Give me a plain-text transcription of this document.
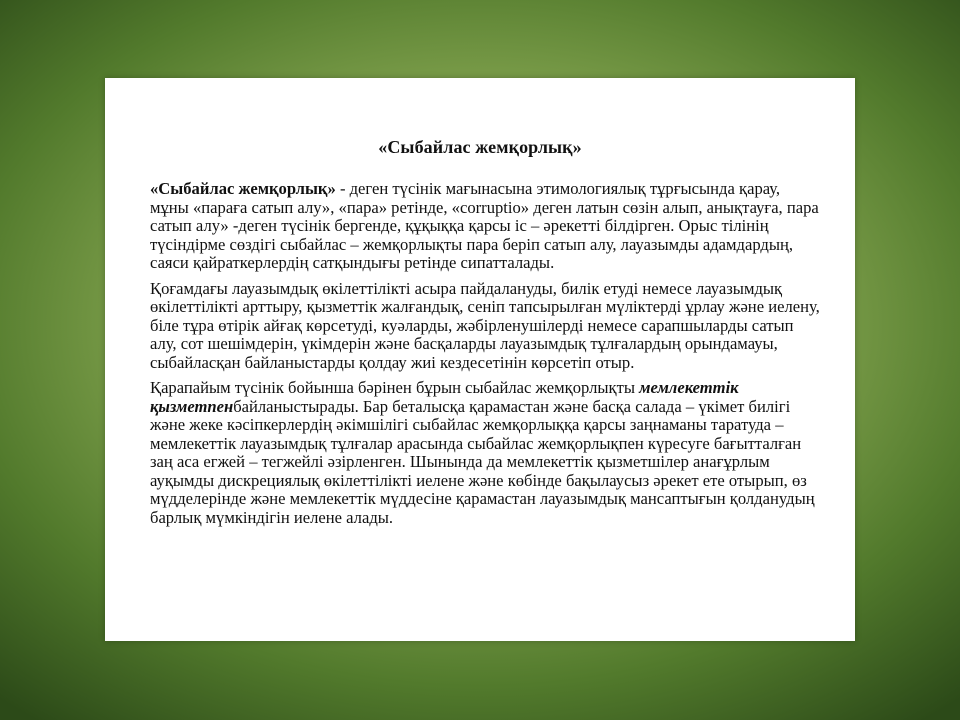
«Сыбайлас жемқорлық»

«Сыбайлас жемқорлық» - деген түсінік мағынасына этимологиялық тұрғысында қарау, мұны «параға сатып алу», «пара» ретінде, «corruptio» деген латын сөзін алып, анықтауға, пара сатып алу» -деген түсінік бергенде, құқыққа қарсы іс – әрекетті білдірген. Орыс тілінің түсіндірме сөздігі сыбайлас – жемқорлықты пара беріп сатып алу, лауазымды адамдардың, саяси қайраткерлердің сатқындығы ретінде сипатталады.

Қоғамдағы лауазымдық өкілеттілікті асыра пайдалануды, билік етуді немесе лауазымдық өкілеттілікті арттыру, қызметтік жалғандық, сеніп тапсырылған мүліктерді ұрлау және иелену, біле тұра өтірік айғақ көрсетуді, куәларды, жәбірленушілерді немесе сарапшыларды сатып алу, сот шешімдерін, үкімдерін және басқаларды лауазымдық тұлғалардың орындамауы, сыбайласқан байланыстарды қолдау жиі кездесетінін көрсетіп отыр.

Қарапайым түсінік бойынша бәрінен бұрын сыбайлас жемқорлықты мемлекеттік қызметпенбайланыстырады. Бар беталысқа қарамастан және басқа салада – үкімет билігі және жеке кәсіпкерлердің әкімшілігі сыбайлас жемқорлыққа қарсы заңнаманы таратуда – мемлекеттік лауазымдық тұлғалар арасында сыбайлас жемқорлықпен күресуге бағытталған заң аса егжей – тегжейлі әзірленген. Шынында да мемлекеттік қызметшілер анағұрлым ауқымды дискрециялық өкілеттілікті иелене және көбінде бақылаусыз әрекет ете отырып, өз мүдделерінде және мемлекеттік мүддесіне қарамастан лауазымдық мансаптығын қолданудың барлық мүмкіндігін иелене алады.
